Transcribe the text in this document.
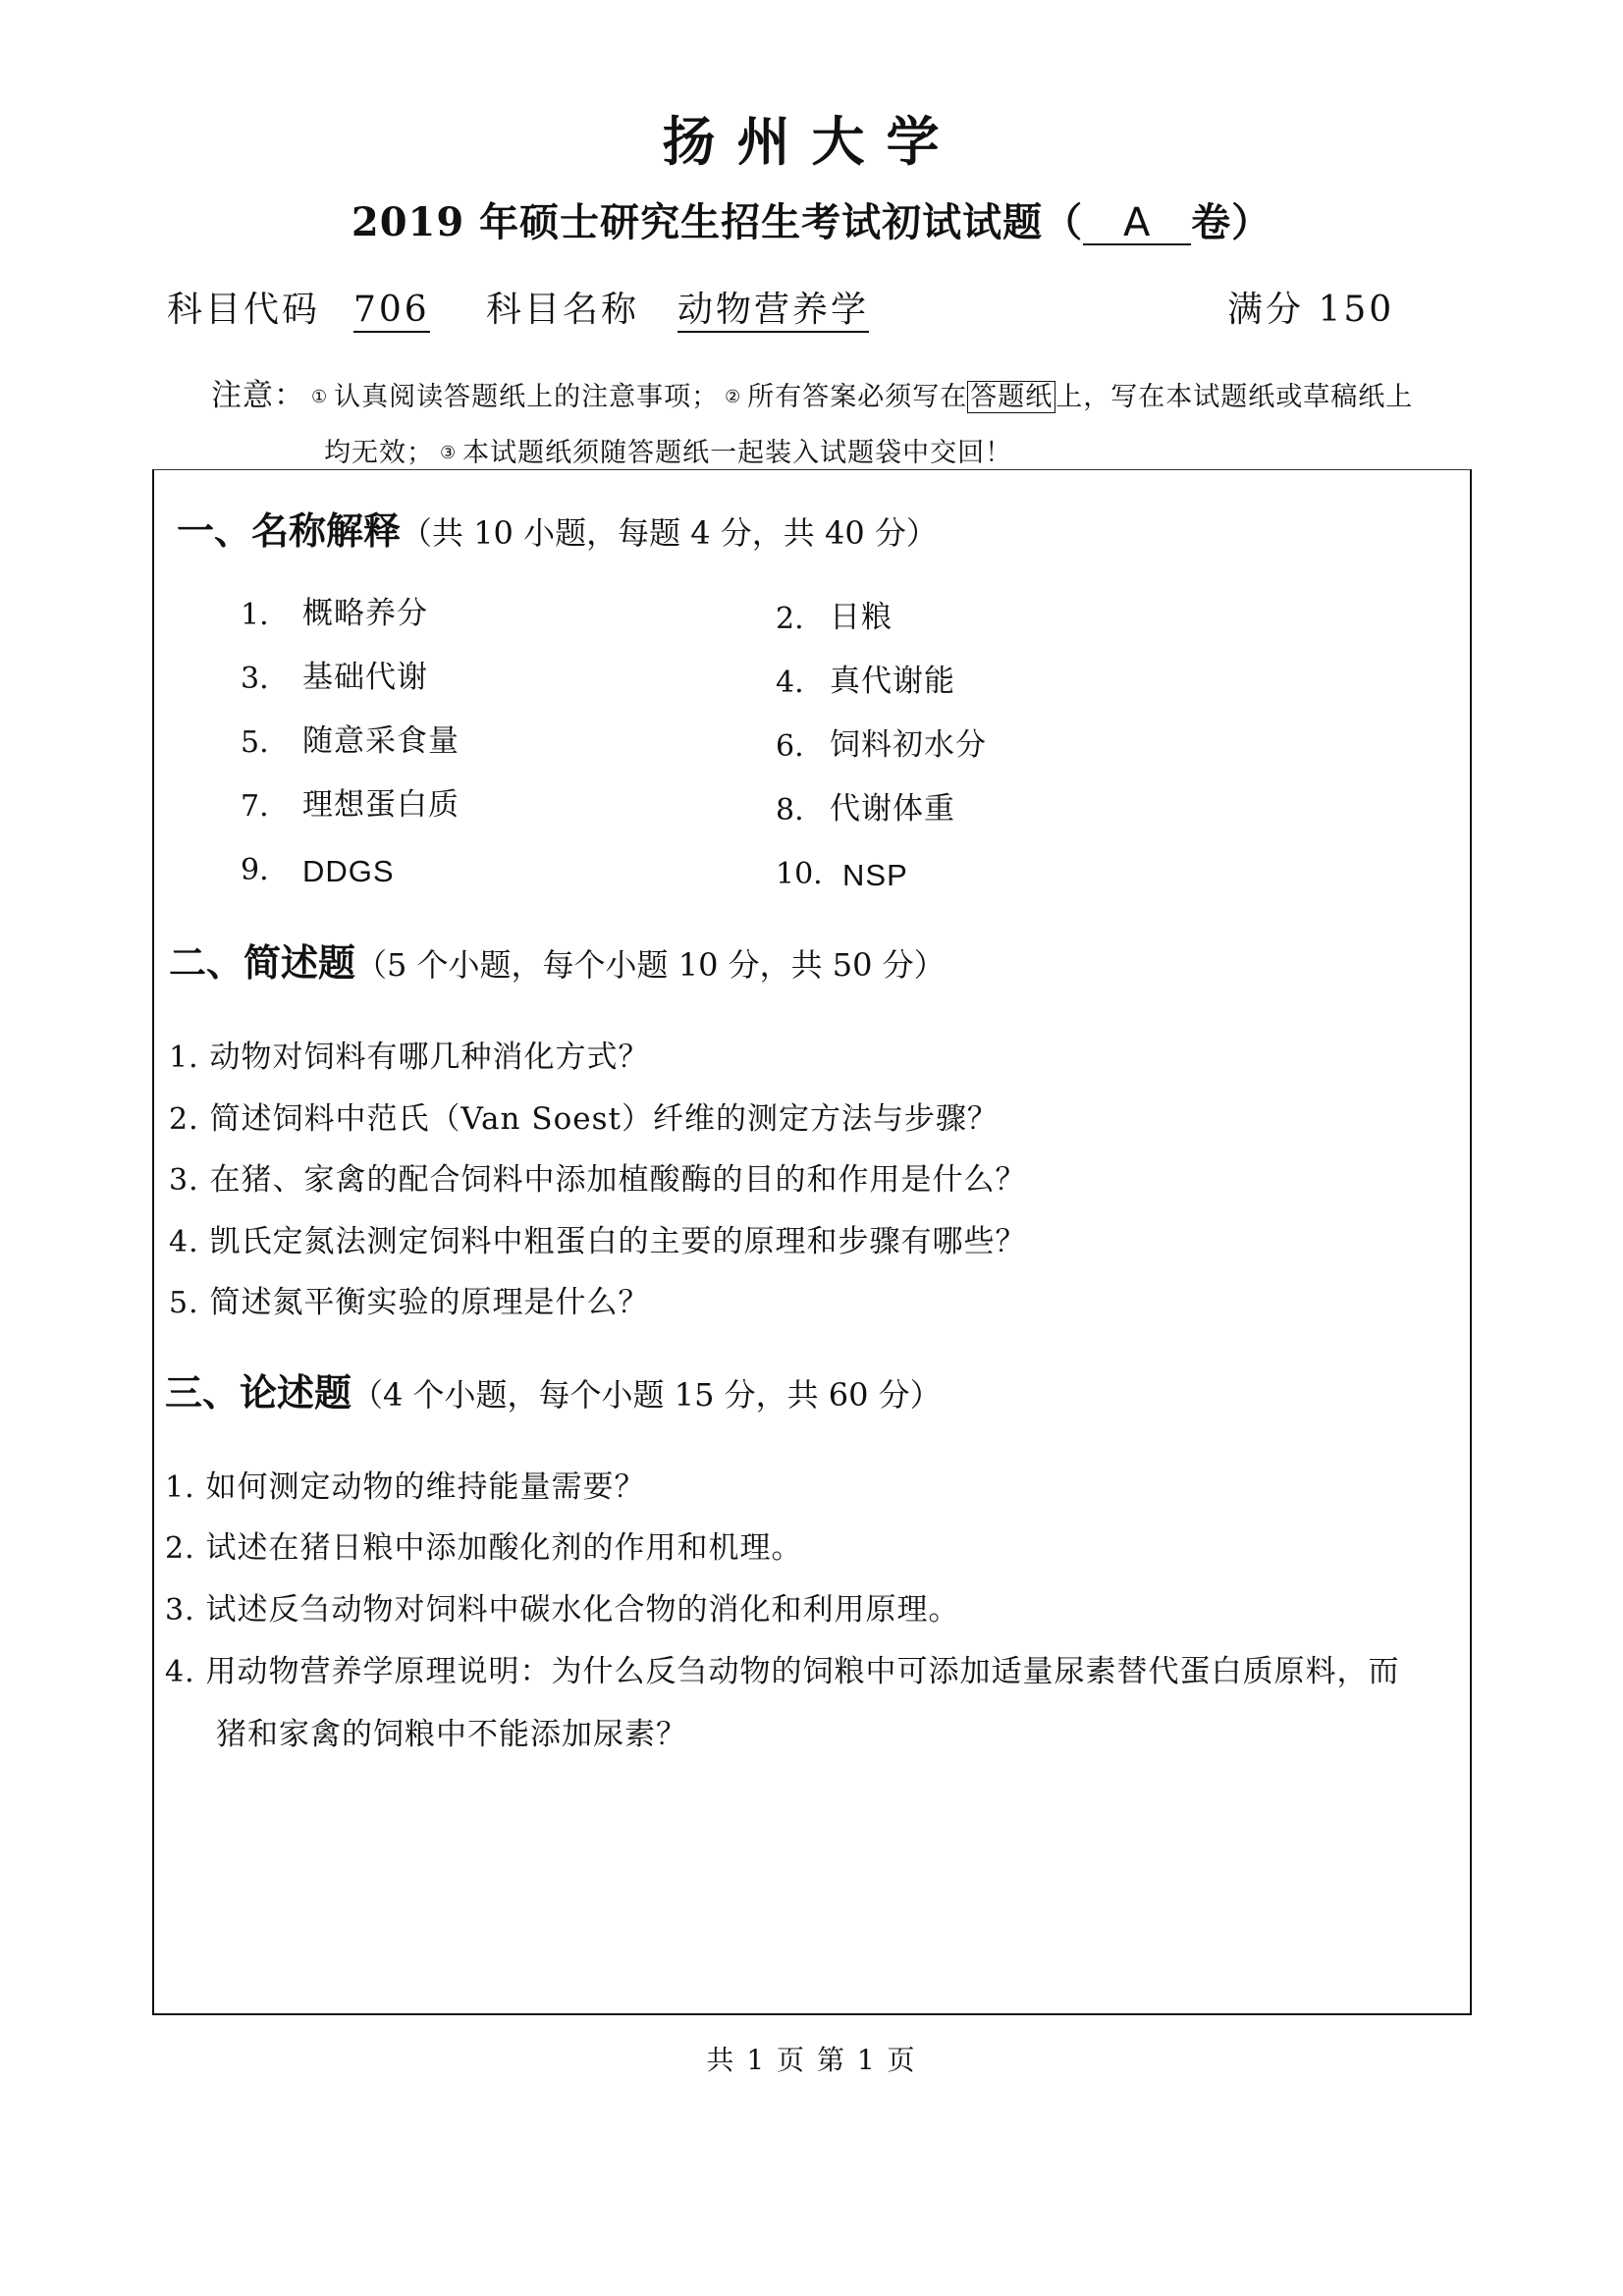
扬州大学
2019 年硕士研究生招生考试初试试题（ A 卷）
科目代码 706 科目名称 动物营养学	满分 150
注意： ① 认真阅读答题纸上的注意事项； ② 所有答案必须写在 答题纸 上，写在本试题纸或草稿纸上
均无效； ③ 本试题纸须随答题纸一起装入试题袋中交回！
一、名称解释（共 10 小题，每题 4 分，共 40 分）
1. 概略养分	2. 日粮
3. 基础代谢	4. 真代谢能
5. 随意采食量	6. 饲料初水分
7. 理想蛋白质	8. 代谢体重
9. DDGS	10. NSP
二、简述题（5 个小题，每个小题 10 分，共 50 分）
1. 动物对饲料有哪几种消化方式？
2. 简述饲料中范氏（Van Soest）纤维的测定方法与步骤？
3. 在猪、家禽的配合饲料中添加植酸酶的目的和作用是什么？
4. 凯氏定氮法测定饲料中粗蛋白的主要的原理和步骤有哪些？
5. 简述氮平衡实验的原理是什么？
三、论述题（4 个小题，每个小题 15 分，共 60 分）
1. 如何测定动物的维持能量需要？
2. 试述在猪日粮中添加酸化剂的作用和机理。
3. 试述反刍动物对饲料中碳水化合物的消化和利用原理。
4. 用动物营养学原理说明：为什么反刍动物的饲粮中可添加适量尿素替代蛋白质原料，而
猪和家禽的饲粮中不能添加尿素？
共 1 页 第 1 页
